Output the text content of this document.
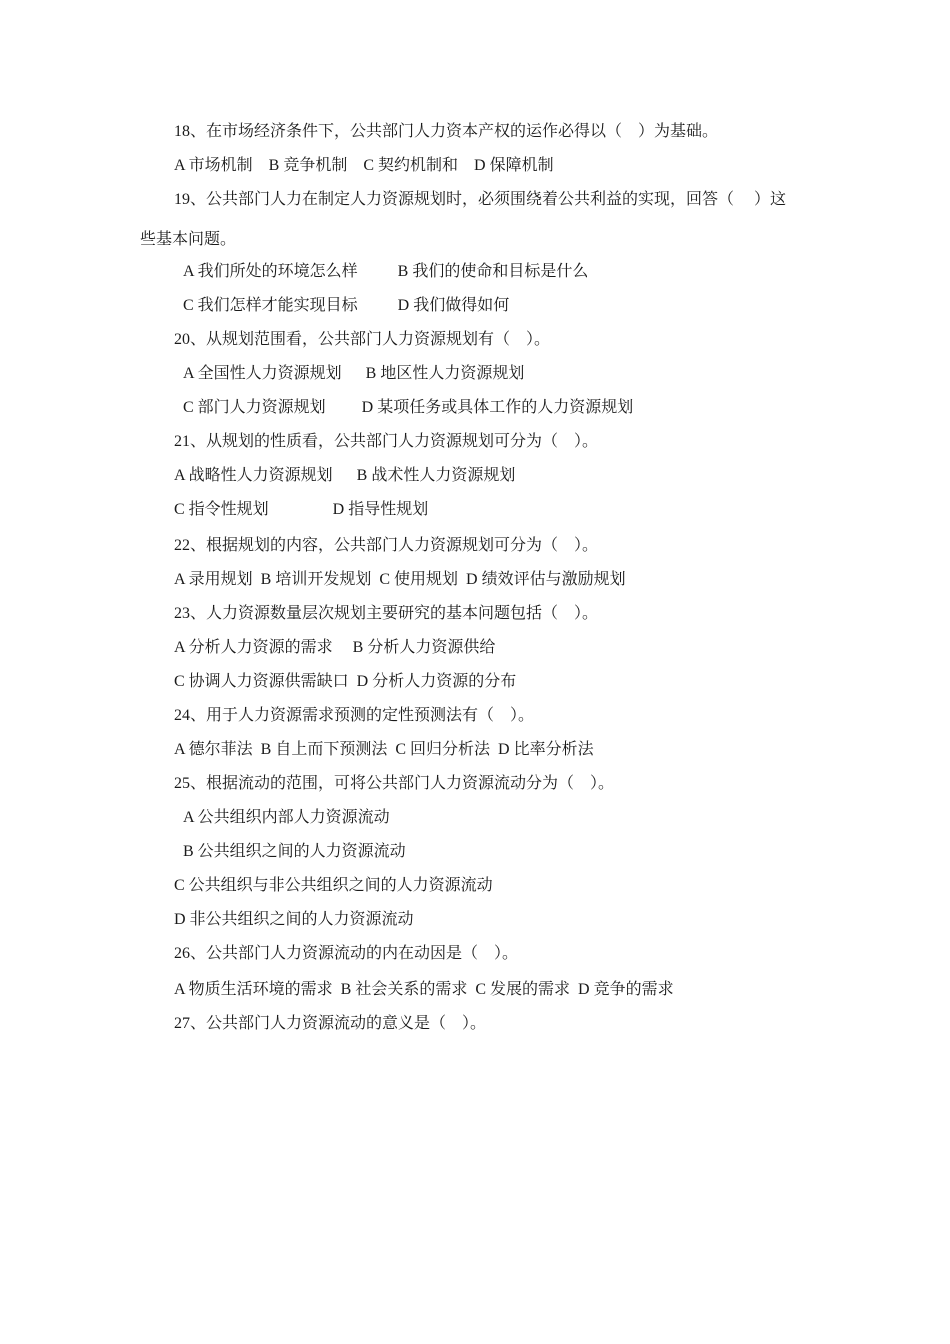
18、在市场经济条件下，公共部门人力资本产权的运作必得以（    ）为基础。
A 市场机制    B 竞争机制    C 契约机制和    D 保障机制
19、公共部门人力在制定人力资源规划时，必须围绕着公共利益的实现，回答（     ）这
些基本问题。
A 我们所处的环境怎么样          B 我们的使命和目标是什么
C 我们怎样才能实现目标          D 我们做得如何
20、从规划范围看，公共部门人力资源规划有（    ）。
A 全国性人力资源规划      B 地区性人力资源规划
C 部门人力资源规划         D 某项任务或具体工作的人力资源规划
21、从规划的性质看，公共部门人力资源规划可分为（    ）。
A 战略性人力资源规划      B 战术性人力资源规划
C 指令性规划                D 指导性规划
22、根据规划的内容，公共部门人力资源规划可分为（    ）。
A 录用规划  B 培训开发规划  C 使用规划  D 绩效评估与激励规划
23、人力资源数量层次规划主要研究的基本问题包括（    ）。
A 分析人力资源的需求     B 分析人力资源供给
C 协调人力资源供需缺口  D 分析人力资源的分布
24、用于人力资源需求预测的定性预测法有（    ）。
A 德尔菲法  B 自上而下预测法  C 回归分析法  D 比率分析法
25、根据流动的范围，可将公共部门人力资源流动分为（    ）。
A 公共组织内部人力资源流动
B 公共组织之间的人力资源流动
C 公共组织与非公共组织之间的人力资源流动
D 非公共组织之间的人力资源流动
26、公共部门人力资源流动的内在动因是（    ）。
A 物质生活环境的需求  B 社会关系的需求  C 发展的需求  D 竞争的需求
27、公共部门人力资源流动的意义是（    ）。
